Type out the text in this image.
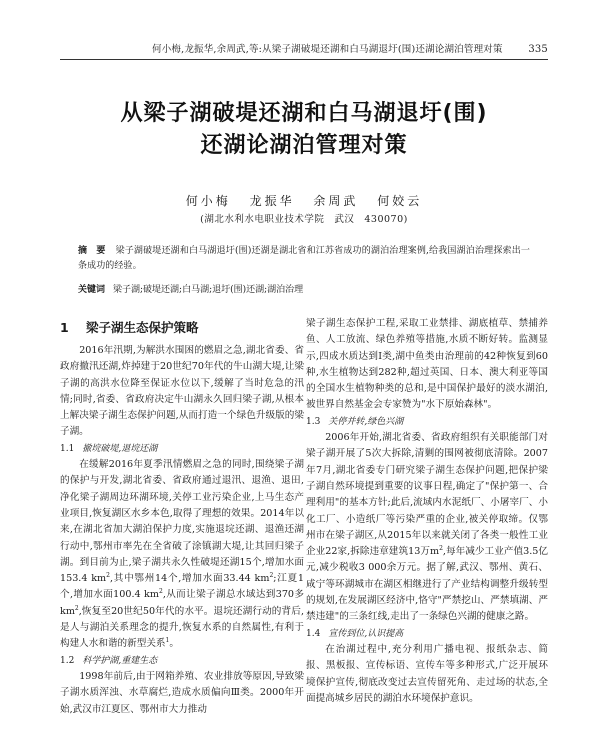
何小梅,龙振华,余周武,等:从梁子湖破堤还湖和白马湖退圩(围)还湖论湖泊管理对策	335
从梁子湖破堤还湖和白马湖退圩(围)
还湖论湖泊管理对策
何小梅 龙振华 余周武 何姣云
(湖北水利水电职业技术学院　武汉　430070)
摘　要 梁子湖破堤还湖和白马湖退圩(围)还湖是湖北省和江苏省成功的湖泊治理案例,给我国湖泊治理探索出一条成功的经验。
关键词 梁子湖;破堤还湖;白马湖;退圩(围)还湖;湖泊治理
1 梁子湖生态保护策略

2016年汛期,为解洪水围困的燃眉之急,湖北省委、省政府撤汛还湖,炸掉建于20世纪70年代的牛山湖大堤,让梁子湖的高洪水位降至保证水位以下,缓解了当时危急的汛情;同时,省委、省政府决定牛山湖永久回归梁子湖,从根本上解决梁子湖生态保护问题,从而打造一个绿色升级版的梁子湖。

1.1 撤垸破堤,退垸还湖

在缓解2016年夏季汛情燃眉之急的同时,围绕梁子湖的保护与开发,湖北省委、省政府通过退汛、退渔、退田,净化梁子湖周边环湖环境,关停工业污染企业,上马生态产业项目,恢复湖区水乡本色,取得了理想的效果。2014年以来,在湖北省加大湖泊保护力度,实施退垸还湖、退渔还湖行动中,鄂州市率先在全省破了涂镇湖大堤,让其回归梁子湖。到目前为止,梁子湖共永久性破堤还湖15个,增加水面153.4 $km^2$,其中鄂州14个,增加水面33.44 $km^2$;江夏1个,增加水面100.4 $km^2$,从而让梁子湖总水域达到370多$km^2$,恢复至20世纪50年代的水平。退垸还湖行动的背后,是人与湖泊关系理念的提升,恢复水系的自然属性,有利于构建人水和谐的新型关系$^1$。

1.2 科学护湖,重建生态

1998年前后,由于网箱养殖、农业排放等原因,导致梁子湖水质浑浊、水草腐烂,造成水质偏向Ⅲ类。2000年开始,武汉市江夏区、鄂州市大力推动

梁子湖生态保护工程,采取工业禁排、湖底植草、禁捕养鱼、人工放流、绿色养殖等措施,水质不断好转。监测显示,四成水质达到Ⅰ类,湖中鱼类由治理前的42种恢复到60种,水生植物达到282种,超过英国、日本、澳大利亚等国的全国水生植物种类的总和,是中国保护最好的淡水湖泊,被世界自然基金会专家赞为"水下原始森林"。

1.3 关停并转,绿色兴湖

2006年开始,湖北省委、省政府组织有关职能部门对梁子湖开展了5次大拆除,清剿的围网被彻底清除。2007年7月,湖北省委专门研究梁子湖生态保护问题,把保护梁子湖自然环境提到重要的议事日程,确定了"保护第一、合理利用"的基本方针;此后,流域内水泥纸厂、小屠宰厂、小化工厂、小造纸厂等污染严重的企业,被关停取缔。仅鄂州市在梁子湖区,从2015年以来就关闭了各类一般性工业企业22家,拆除违章建筑13万$m^2$,每年减少工业产值3.5亿元,减少税收3 000余万元。据了解,武汉、鄂州、黄石、咸宁等环湖城市在湖区相继进行了产业结构调整升级转型的规划,在发展湖区经济中,恪守"严禁挖山、严禁填湖、严禁违建"的三条红线,走出了一条绿色兴湖的健康之路。

1.4 宣传到位,认识提高

在治湖过程中,充分利用广播电视、报纸杂志、简报、黑板报、宣传标语、宣传车等多种形式,广泛开展环境保护宣传,彻底改变过去宣传留死角、走过场的状态,全面提高城乡居民的湖泊水环境保护意识。
